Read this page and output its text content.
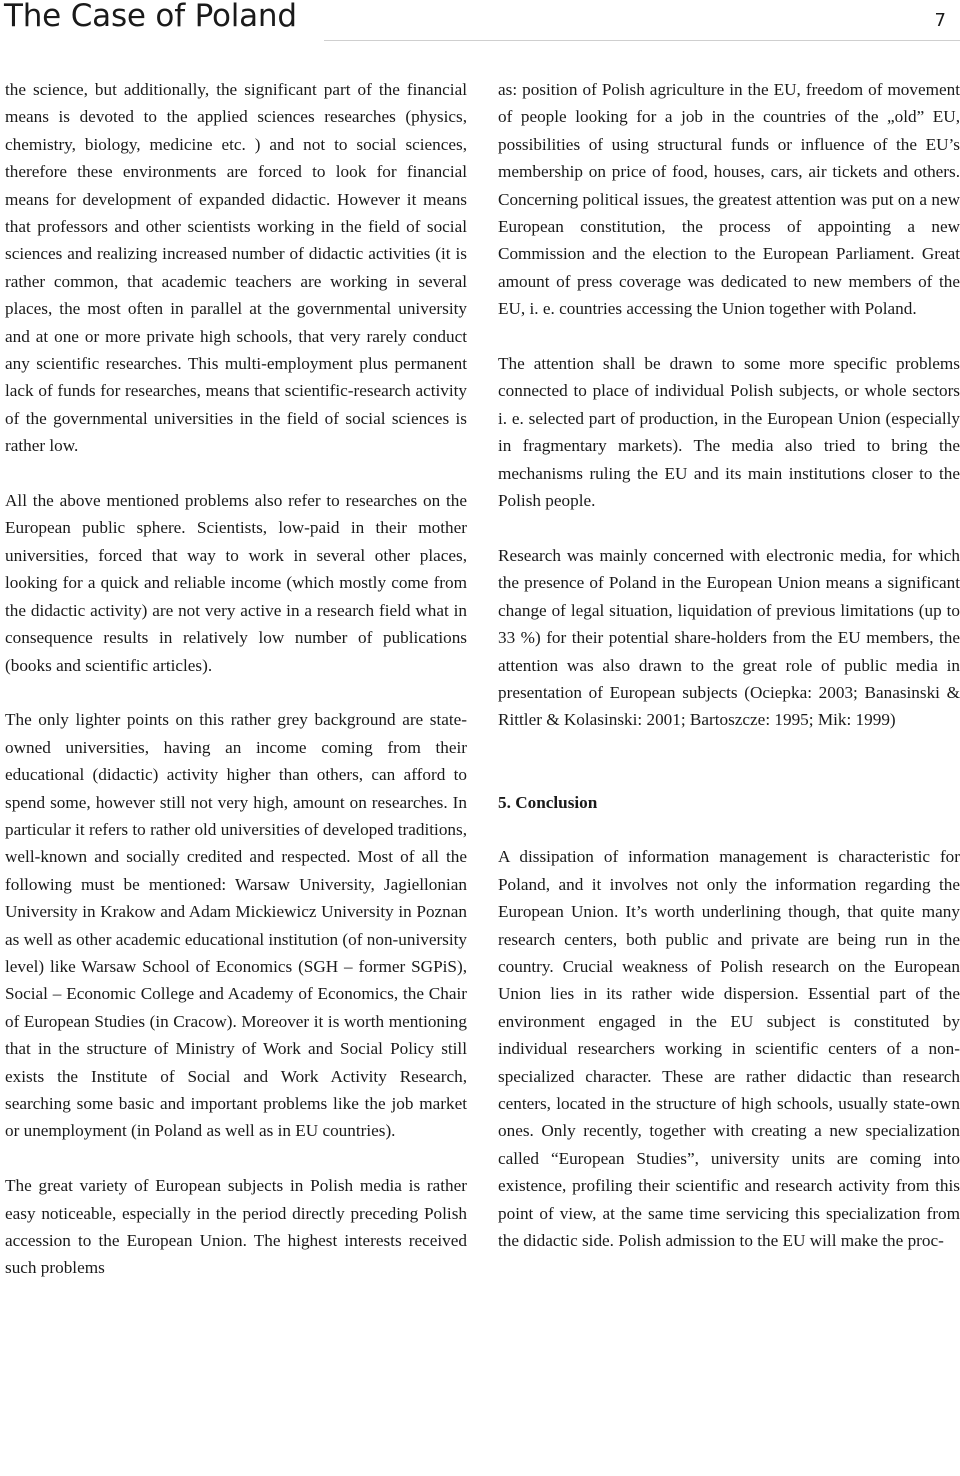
The Case of Poland	7

the science, but additionally, the significant part of the financial means is devoted to the applied sciences researches (physics, chemistry, biology, medicine etc. ) and not to social sciences, therefore these environments are forced to look for financial means for development of expanded didactic. However it means that professors and other scientists working in the field of social sciences and realizing increased number of didactic activities (it is rather common, that academic teachers are working in several places, the most often in parallel at the governmental university and at one or more private high schools, that very rarely conduct any scientific researches. This multi-employment plus permanent lack of funds for researches, means that scientific-research activity of the governmental universities in the field of social sciences is rather low.

All the above mentioned problems also refer to researches on the European public sphere. Scientists, low-paid in their mother universities, forced that way to work in several other places, looking for a quick and reliable income (which mostly come from the didactic activity) are not very active in a research field what in consequence results in relatively low number of publications (books and scientific articles).

The only lighter points on this rather grey background are state-owned universities, having an income coming from their educational (didactic) activity higher than others, can afford to spend some, however still not very high, amount on researches. In particular it refers to rather old universities of developed traditions, well-known and socially credited and respected. Most of all the following must be mentioned: Warsaw University, Jagiellonian University in Krakow and Adam Mickiewicz University in Poznan as well as other academic educational institution (of non-university level) like Warsaw School of Economics (SGH – former SGPiS), Social – Economic College and Academy of Economics, the Chair of European Studies (in Cracow). Moreover it is worth mentioning that in the structure of Ministry of Work and Social Policy still exists the Institute of Social and Work Activity Research, searching some basic and important problems like the job market or unemployment (in Poland as well as in EU countries).

The great variety of European subjects in Polish media is rather easy noticeable, especially in the period directly preceding Polish accession to the European Union. The highest interests received such problems

as: position of Polish agriculture in the EU, freedom of movement of people looking for a job in the countries of the „old” EU, possibilities of using structural funds or influence of the EU’s membership on price of food, houses, cars, air tickets and others. Concerning political issues, the greatest attention was put on a new European constitution, the process of appointing a new Commission and the election to the European Parliament. Great amount of press coverage was dedicated to new members of the EU, i. e. countries accessing the Union together with Poland.

The attention shall be drawn to some more specific problems connected to place of individual Polish subjects, or whole sectors i. e. selected part of production, in the European Union (especially in fragmentary markets). The media also tried to bring the mechanisms ruling the EU and its main institutions closer to the Polish people.

Research was mainly concerned with electronic media, for which the presence of Poland in the European Union means a significant change of legal situation, liquidation of previous limitations (up to 33 %) for their potential share-holders from the EU members, the attention was also drawn to the great role of public media in presentation of European subjects (Ociepka: 2003; Banasinski & Rittler & Kolasinski: 2001; Bartoszcze: 1995; Mik: 1999)

5. Conclusion

A dissipation of information management is characteristic for Poland, and it involves not only the information regarding the European Union. It’s worth underlining though, that quite many research centers, both public and private are being run in the country. Crucial weakness of Polish research on the European Union lies in its rather wide dispersion. Essential part of the environment engaged in the EU subject is constituted by individual researchers working in scientific centers of a non-specialized character. These are rather didactic than research centers, located in the structure of high schools, usually state-own ones. Only recently, together with creating a new specialization called “European Studies”, university units are coming into existence, profiling their scientific and research activity from this point of view, at the same time servicing this specialization from the didactic side. Polish admission to the EU will make the proc-
